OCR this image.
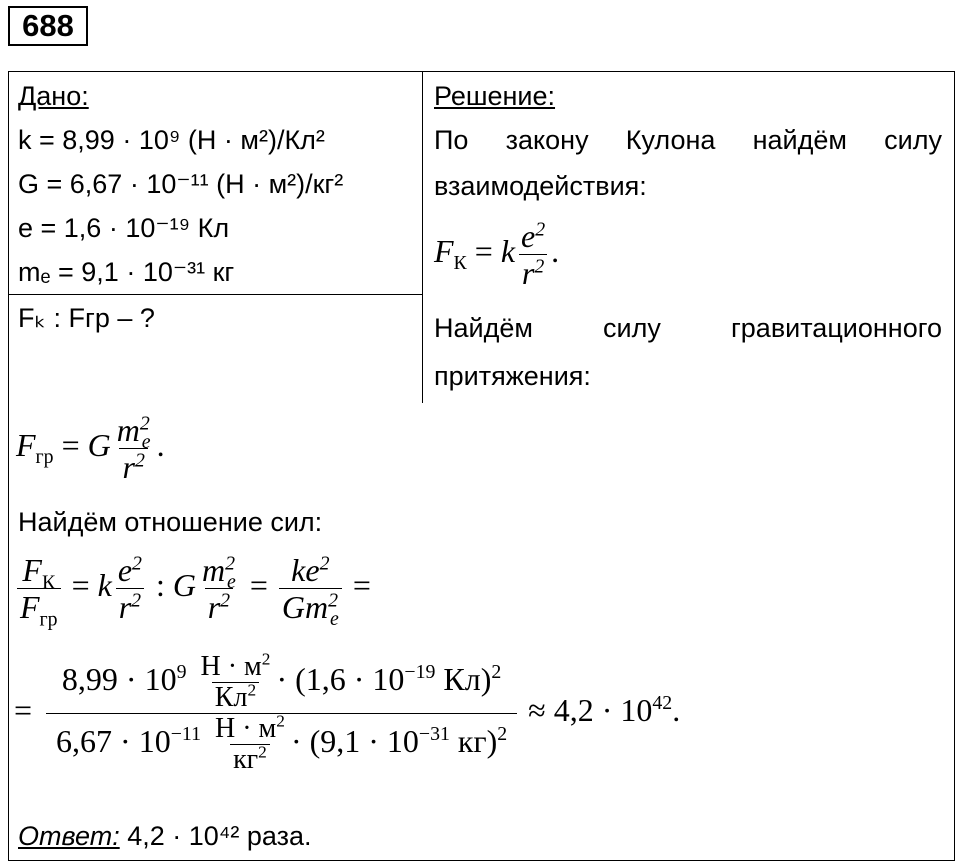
688
Дано:
k = 8,99 · 10⁹ (Н · м²)/Кл²
G = 6,67 · 10⁻¹¹ (Н · м²)/кг²
e = 1,6 · 10⁻¹⁹ Кл
mₑ = 9,1 · 10⁻³¹ кг
Fₖ : Fгр – ?
Решение:
По закону Кулона найдём силу
взаимодействия:
$F_К = k \frac{e^2}{r^2}$ .
Найдём силу гравитационного
притяжения:
$F_{гр} = G \frac{m^2_e}{r^2}$ .
Найдём отношение сил:
$\frac{F_К}{F_{гр}} = k \frac{e^2}{r^2}$ : G $\frac{m^2_e}{r^2} = \frac{ke^2}{Gm^2_e}$ =
= $\frac{8,99 \cdot 10^9 \frac{Н \cdot м^2}{Кл^2} \cdot (1,6 \cdot 10^{-19} Кл)^2}{6,67 \cdot 10^{-11} \frac{Н \cdot м^2}{кг^2} \cdot (9,1 \cdot 10^{-31} кг)^2} \approx 4,2 \cdot 10^{42}$.
Ответ: 4,2 · 10⁴² раза.
